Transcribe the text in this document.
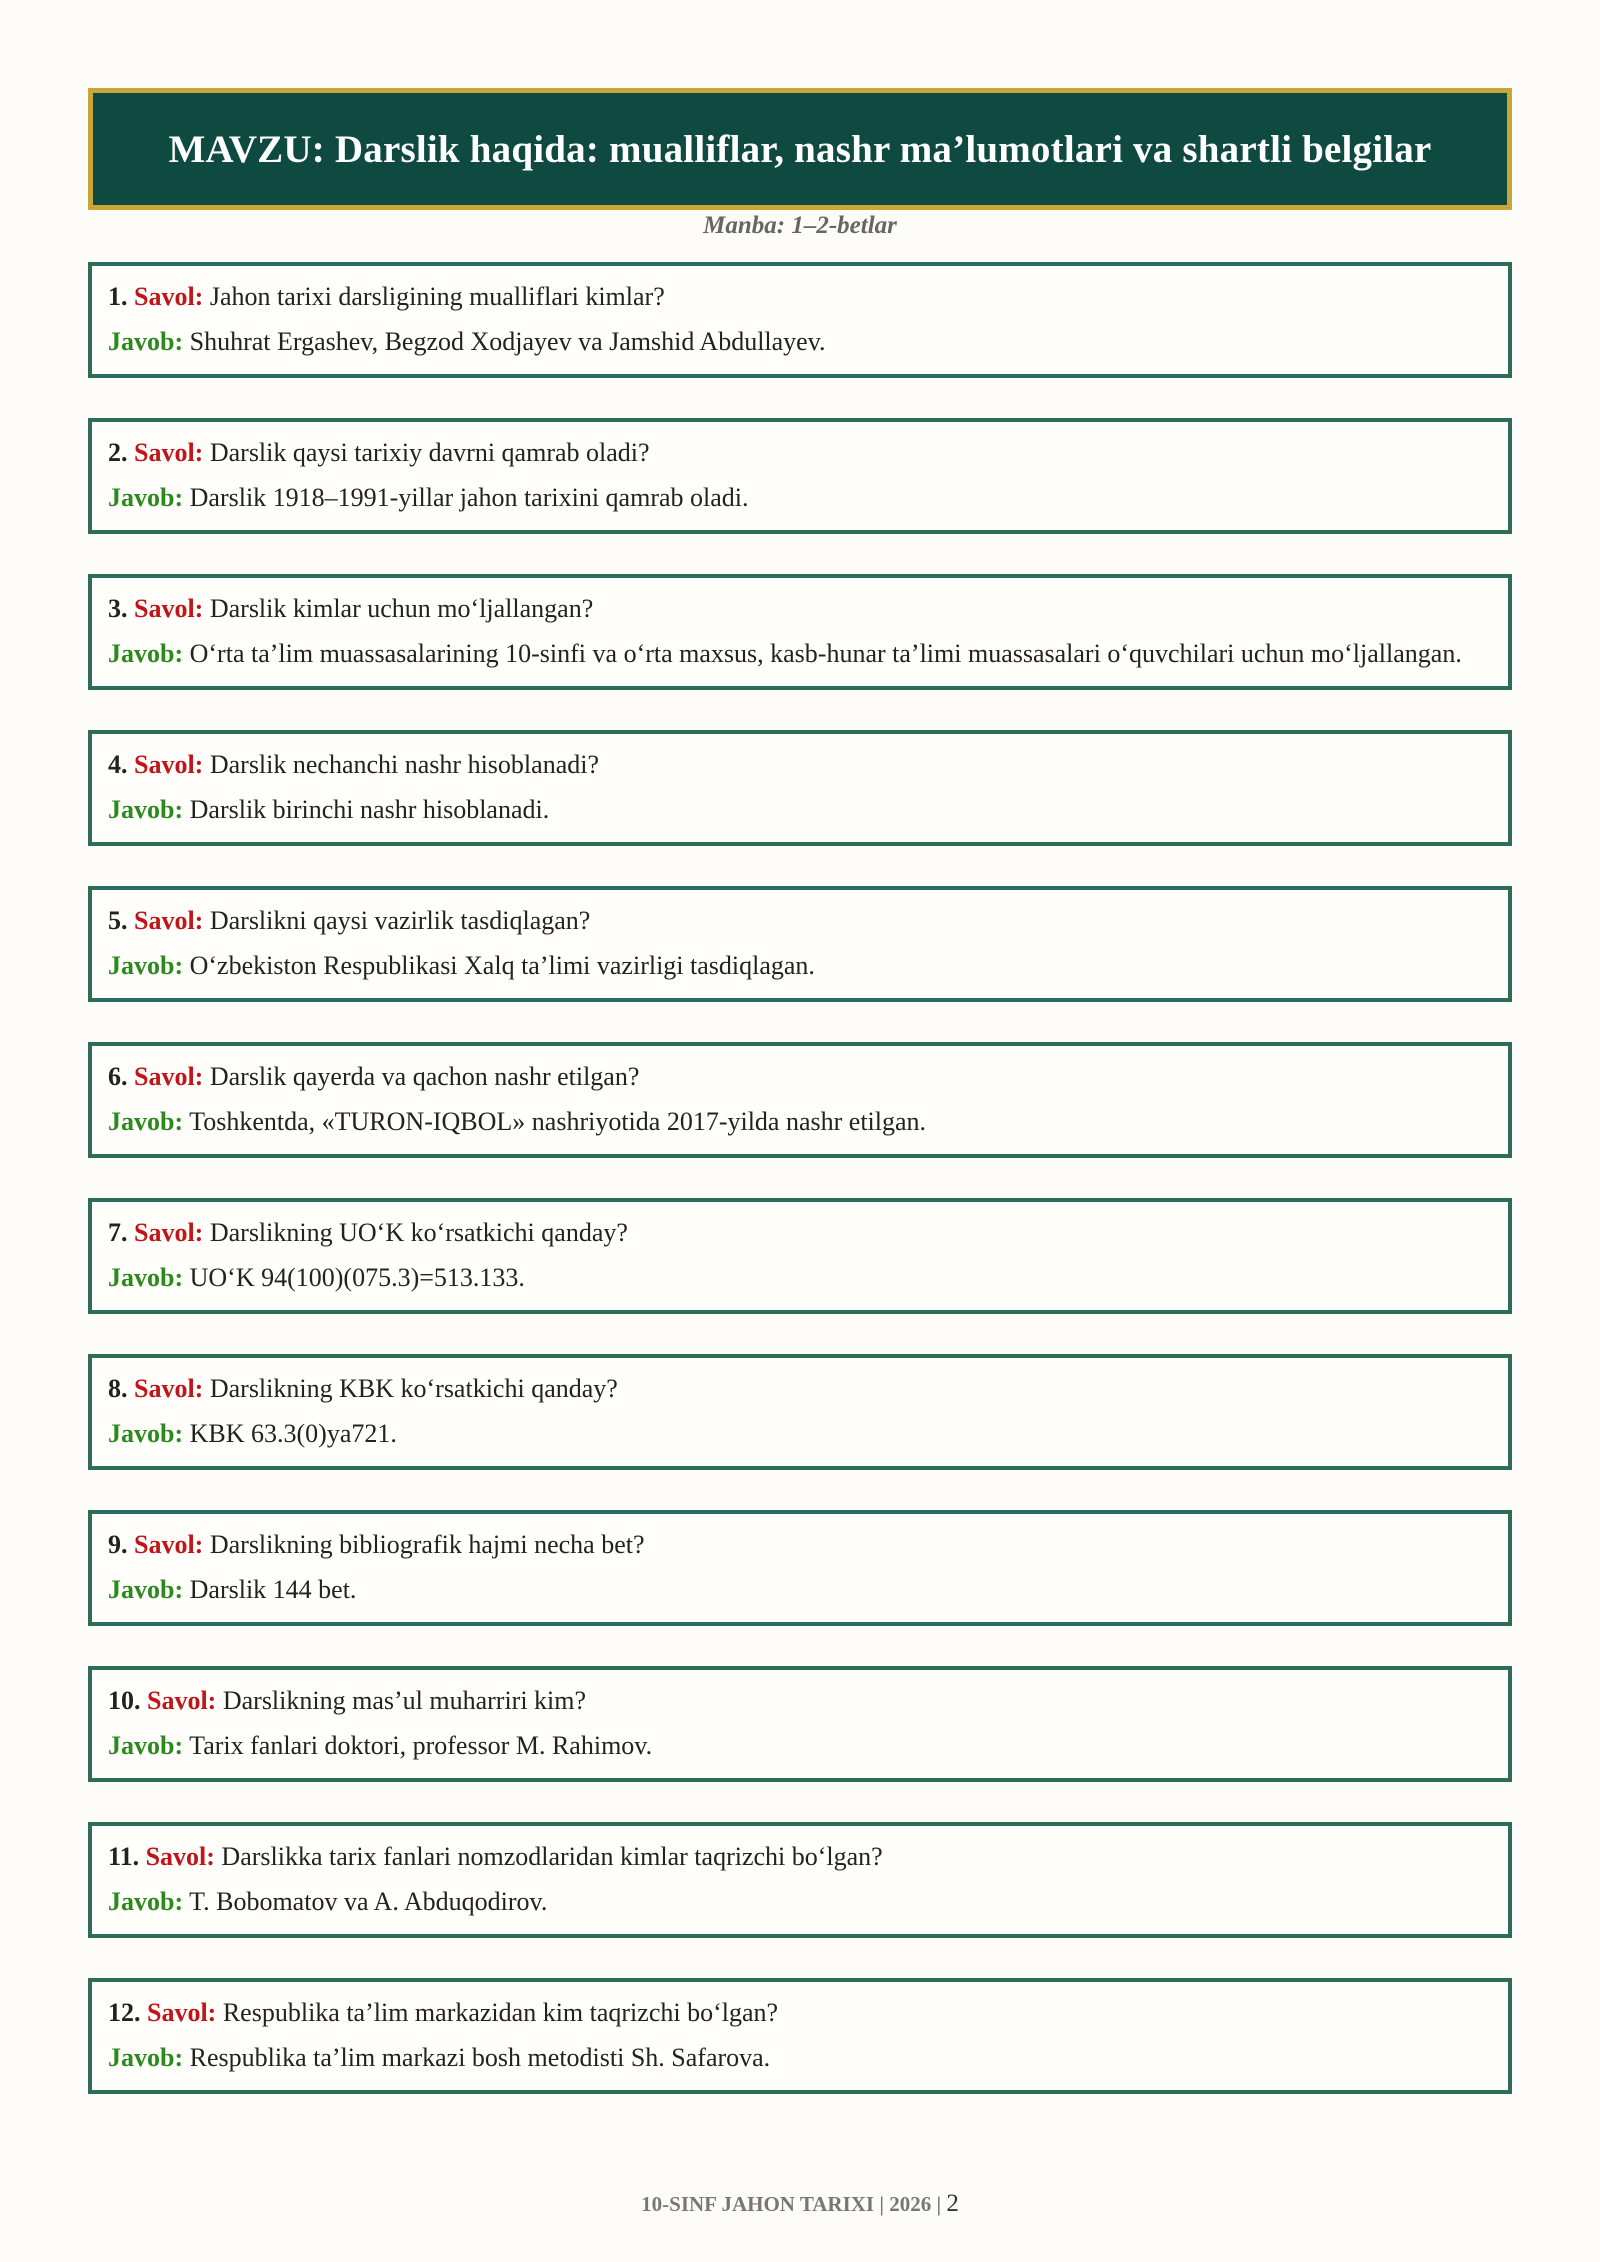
MAVZU: Darslik haqida: mualliflar, nashr ma’lumotlari va shartli belgilar
Manba: 1–2-betlar

1. Savol: Jahon tarixi darsligining mualliflari kimlar?

Javob: Shuhrat Ergashev, Begzod Xodjayev va Jamshid Abdullayev.

2. Savol: Darslik qaysi tarixiy davrni qamrab oladi?

Javob: Darslik 1918–1991-yillar jahon tarixini qamrab oladi.

3. Savol: Darslik kimlar uchun mo‘ljallangan?

Javob: O‘rta ta’lim muassasalarining 10-sinfi va o‘rta maxsus, kasb-hunar ta’limi muassasalari o‘quvchilari uchun mo‘ljallangan.

4. Savol: Darslik nechanchi nashr hisoblanadi?

Javob: Darslik birinchi nashr hisoblanadi.

5. Savol: Darslikni qaysi vazirlik tasdiqlagan?

Javob: O‘zbekiston Respublikasi Xalq ta’limi vazirligi tasdiqlagan.

6. Savol: Darslik qayerda va qachon nashr etilgan?

Javob: Toshkentda, «TURON-IQBOL» nashriyotida 2017-yilda nashr etilgan.

7. Savol: Darslikning UO‘K ko‘rsatkichi qanday?

Javob: UO‘K 94(100)(075.3)=513.133.

8. Savol: Darslikning KBK ko‘rsatkichi qanday?

Javob: KBK 63.3(0)ya721.

9. Savol: Darslikning bibliografik hajmi necha bet?

Javob: Darslik 144 bet.

10. Savol: Darslikning mas’ul muharriri kim?

Javob: Tarix fanlari doktori, professor M. Rahimov.

11. Savol: Darslikka tarix fanlari nomzodlaridan kimlar taqrizchi bo‘lgan?

Javob: T. Bobomatov va A. Abduqodirov.

12. Savol: Respublika ta’lim markazidan kim taqrizchi bo‘lgan?

Javob: Respublika ta’lim markazi bosh metodisti Sh. Safarova.

10-SINF JAHON TARIXI | 2026 | 2
